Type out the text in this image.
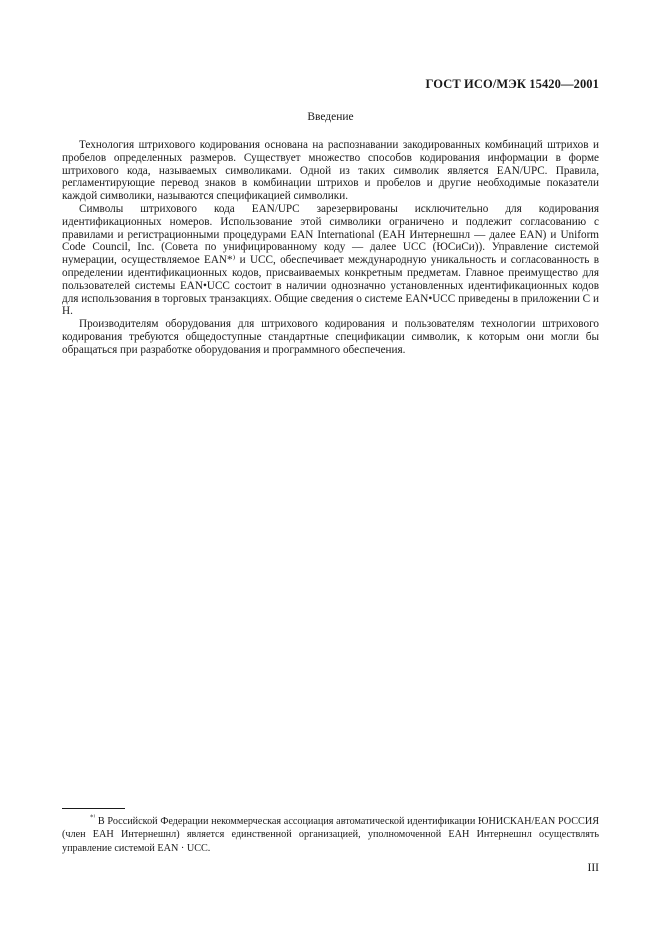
ГОСТ ИСО/МЭК 15420—2001
Введение

Технология штрихового кодирования основана на распознавании закодированных комбинаций штрихов и пробелов определенных размеров. Существует множество способов кодирования информации в форме штрихового кода, называемых символиками. Одной из таких символик является EAN/UPC. Правила, регламентирующие перевод знаков в комбинации штрихов и пробелов и другие необходимые показатели каждой символики, называются спецификацией символики.

Символы штрихового кода EAN/UPC зарезервированы исключительно для кодирования идентификационных номеров. Использование этой символики ограничено и подлежит согласованию с правилами и регистрационными процедурами EAN International (ЕАН Интернешнл — далее EAN) и Uniform Code Council, Inc. (Совета по унифицированному коду — далее UCC (ЮСиСи)). Управление системой нумерации, осуществляемое EAN*⁾ и UCC, обеспечивает международную уникальность и согласованность в определении идентификационных кодов, присваиваемых конкретным предметам. Главное преимущество для пользователей системы EAN•UCC состоит в наличии однозначно установленных идентификационных кодов для использования в торговых транзакциях. Общие сведения о системе EAN•UCC приведены в приложении С и Н.

Производителям оборудования для штрихового кодирования и пользователям технологии штрихового кодирования требуются общедоступные стандартные спецификации символик, к которым они могли бы обращаться при разработке оборудования и программного обеспечения.

*⁾ В Российской Федерации некоммерческая ассоциация автоматической идентификации ЮНИСКАН/EAN РОССИЯ (член ЕАН Интернешнл) является единственной организацией, уполномоченной ЕАН Интернешнл осуществлять управление системой EAN · UCC.

III
